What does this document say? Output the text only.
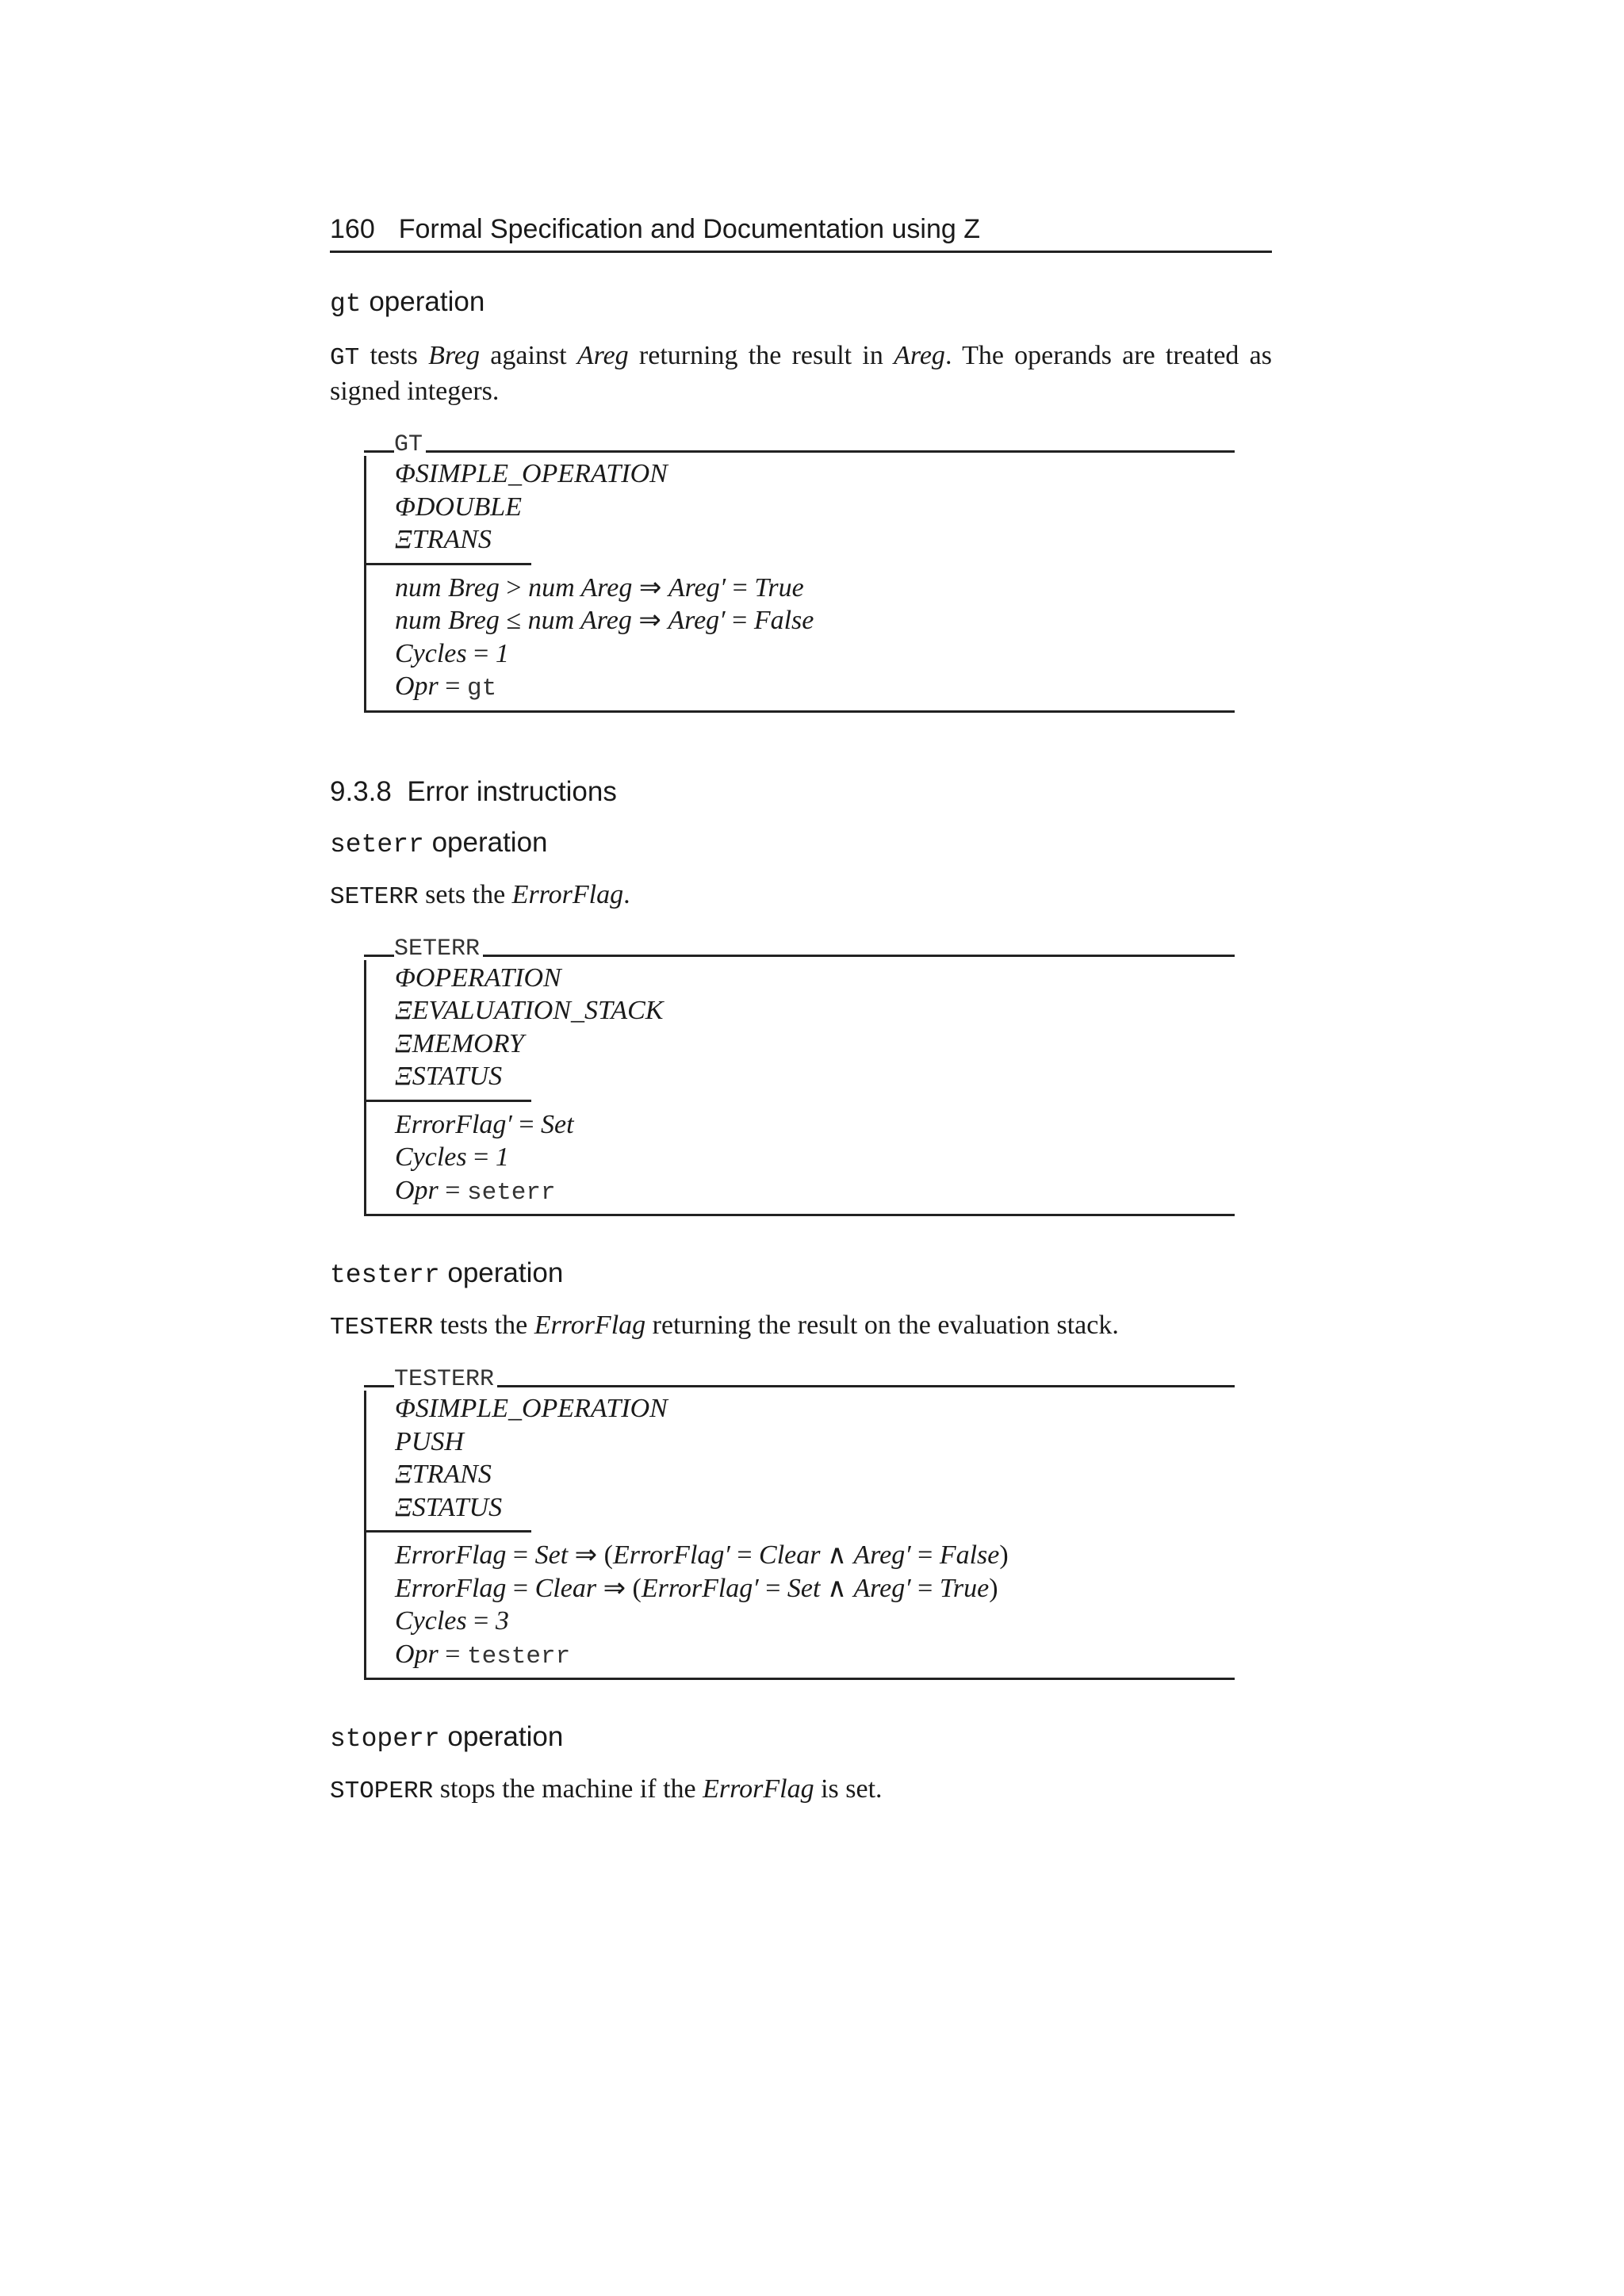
160 Formal Specification and Documentation using Z
gt operation
GT tests Breg against Areg returning the result in Areg. The operands are treated as signed integers.
GT
ΦSIMPLE_OPERATION
ΦDOUBLE
ΞTRANS
num Breg > num Areg ⇒ Areg′ = True
num Breg ≤ num Areg ⇒ Areg′ = False
Cycles = 1
Opr = gt
9.3.8 Error instructions
seterr operation
SETERR sets the ErrorFlag.
SETERR
ΦOPERATION
ΞEVALUATION_STACK
ΞMEMORY
ΞSTATUS
ErrorFlag′ = Set
Cycles = 1
Opr = seterr
testerr operation
TESTERR tests the ErrorFlag returning the result on the evaluation stack.
TESTERR
ΦSIMPLE_OPERATION
PUSH
ΞTRANS
ΞSTATUS
ErrorFlag = Set ⇒ (ErrorFlag′ = Clear ∧ Areg′ = False)
ErrorFlag = Clear ⇒ (ErrorFlag′ = Set ∧ Areg′ = True)
Cycles = 3
Opr = testerr
stoperr operation
STOPERR stops the machine if the ErrorFlag is set.
